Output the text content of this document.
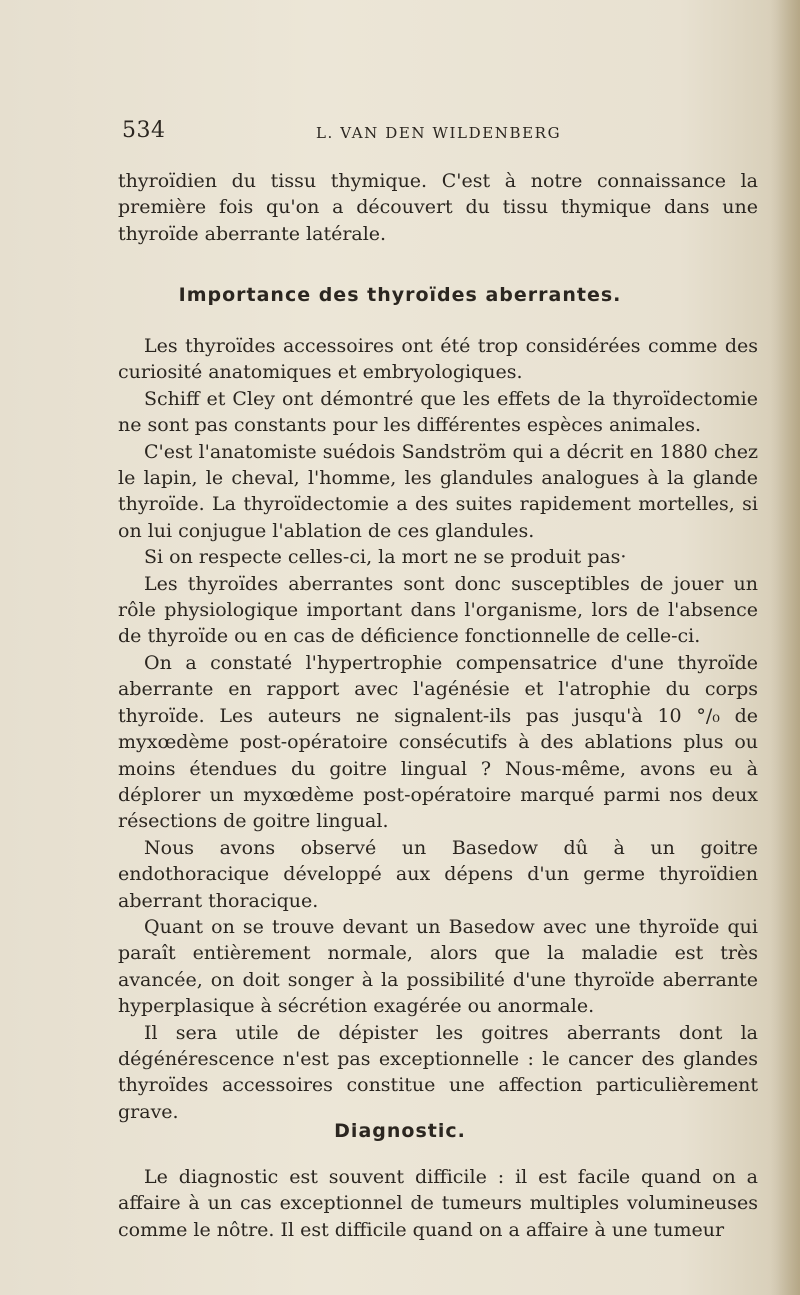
534	L. VAN DEN WILDENBERG

thyroïdien du tissu thymique. C'est à notre connaissance la première fois qu'on a découvert du tissu thymique dans une thyroïde aberrante latérale.

Importance des thyroïdes aberrantes.

Les thyroïdes accessoires ont été trop considérées comme des curiosité anatomiques et embryologiques.

Schiff et Cley ont démontré que les effets de la thyroïdectomie ne sont pas constants pour les différentes espèces animales.

C'est l'anatomiste suédois Sandström qui a décrit en 1880 chez le lapin, le cheval, l'homme, les glandules analogues à la glande thyroïde. La thyroïdectomie a des suites rapidement mortelles, si on lui conjugue l'ablation de ces glandules.

Si on respecte celles-ci, la mort ne se produit pas·

Les thyroïdes aberrantes sont donc susceptibles de jouer un rôle physiologique important dans l'organisme, lors de l'absence de thyroïde ou en cas de déficience fonctionnelle de celle-ci.

On a constaté l'hypertrophie compensatrice d'une thyroïde aberrante en rapport avec l'agénésie et l'atrophie du corps thyroïde. Les auteurs ne signalent-ils pas jusqu'à 10 °/₀ de myxœdème post-opératoire consécutifs à des ablations plus ou moins étendues du goitre lingual ? Nous-même, avons eu à déplorer un myxœdème post-opératoire marqué parmi nos deux résections de goitre lingual.

Nous avons observé un Basedow dû à un goitre endothoracique développé aux dépens d'un germe thyroïdien aberrant thoracique.

Quant on se trouve devant un Basedow avec une thyroïde qui paraît entièrement normale, alors que la maladie est très avancée, on doit songer à la possibilité d'une thyroïde aberrante hyperplasique à sécrétion exagérée ou anormale.

Il sera utile de dépister les goitres aberrants dont la dégénérescence n'est pas exceptionnelle : le cancer des glandes thyroïdes accessoires constitue une affection particulièrement grave.

Diagnostic.

Le diagnostic est souvent difficile : il est facile quand on a affaire à un cas exceptionnel de tumeurs multiples volumineuses comme le nôtre. Il est difficile quand on a affaire à une tumeur
